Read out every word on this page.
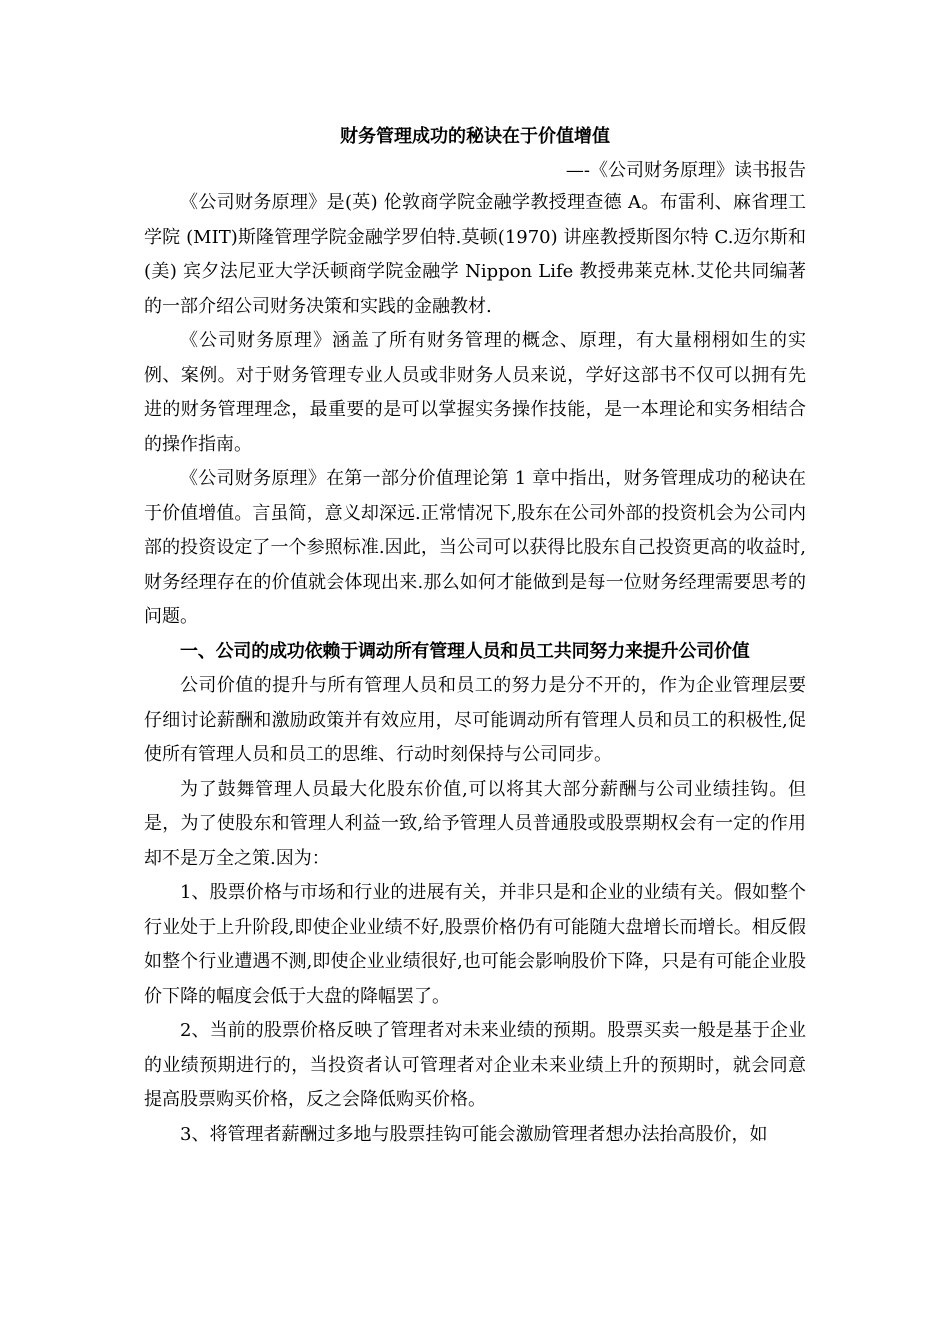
财务管理成功的秘诀在于价值增值
—-《公司财务原理》读书报告

《公司财务原理》是(英) 伦敦商学院金融学教授理查德 A。布雷利、麻省理工学院 (MIT)斯隆管理学院金融学罗伯特.莫顿(1970) 讲座教授斯图尔特 C.迈尔斯和 (美) 宾夕法尼亚大学沃顿商学院金融学 Nippon Life 教授弗莱克林.艾伦共同编著的一部介绍公司财务决策和实践的金融教材.

《公司财务原理》涵盖了所有财务管理的概念、原理，有大量栩栩如生的实例、案例。对于财务管理专业人员或非财务人员来说，学好这部书不仅可以拥有先进的财务管理理念，最重要的是可以掌握实务操作技能，是一本理论和实务相结合的操作指南。

《公司财务原理》在第一部分价值理论第 1 章中指出，财务管理成功的秘诀在于价值增值。言虽简，意义却深远.正常情况下,股东在公司外部的投资机会为公司内部的投资设定了一个参照标准.因此，当公司可以获得比股东自己投资更高的收益时,财务经理存在的价值就会体现出来.那么如何才能做到是每一位财务经理需要思考的问题。

一、公司的成功依赖于调动所有管理人员和员工共同努力来提升公司价值

公司价值的提升与所有管理人员和员工的努力是分不开的，作为企业管理层要仔细讨论薪酬和激励政策并有效应用，尽可能调动所有管理人员和员工的积极性,促使所有管理人员和员工的思维、行动时刻保持与公司同步。

为了鼓舞管理人员最大化股东价值,可以将其大部分薪酬与公司业绩挂钩。但是，为了使股东和管理人利益一致,给予管理人员普通股或股票期权会有一定的作用却不是万全之策.因为：

1、股票价格与市场和行业的进展有关，并非只是和企业的业绩有关。假如整个行业处于上升阶段,即使企业业绩不好,股票价格仍有可能随大盘增长而增长。相反假如整个行业遭遇不测,即使企业业绩很好,也可能会影响股价下降，只是有可能企业股价下降的幅度会低于大盘的降幅罢了。

2、当前的股票价格反映了管理者对未来业绩的预期。股票买卖一般是基于企业的业绩预期进行的，当投资者认可管理者对企业未来业绩上升的预期时，就会同意提高股票购买价格，反之会降低购买价格。

3、将管理者薪酬过多地与股票挂钩可能会激励管理者想办法抬高股价，如
